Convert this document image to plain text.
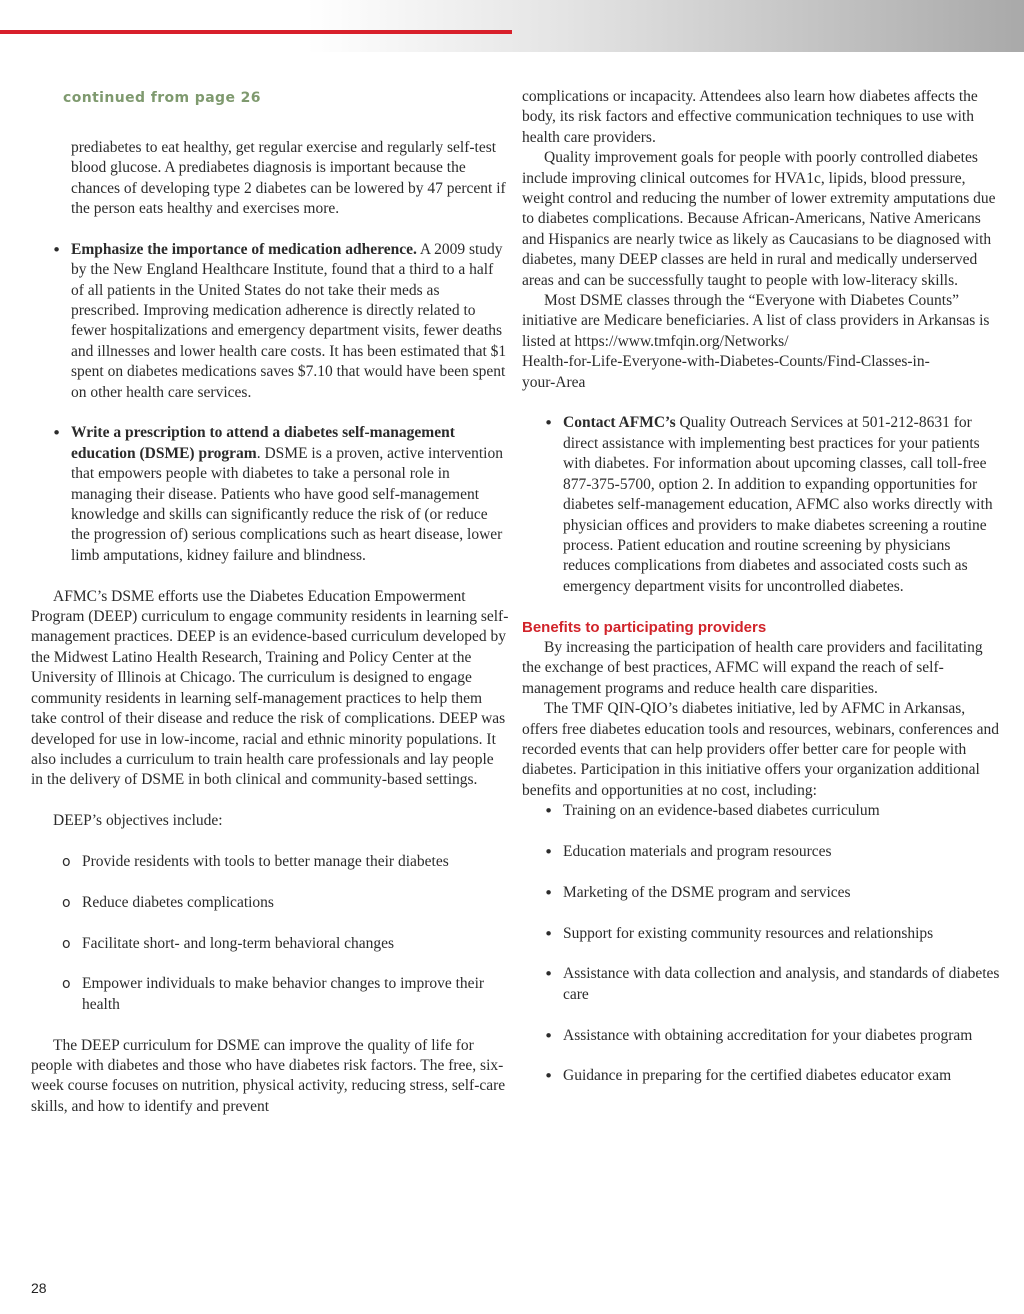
continued from page 26

prediabetes to eat healthy, get regular exercise and regularly self-test blood glucose. A prediabetes diagnosis is important because the chances of developing type 2 diabetes can be lowered by 47 percent if the person eats healthy and exercises more.

• Emphasize the importance of medication adherence. A 2009 study by the New England Healthcare Institute, found that a third to a half of all patients in the United States do not take their meds as prescribed. Improving medication adherence is directly related to fewer hospitalizations and emergency department visits, fewer deaths and illnesses and lower health care costs. It has been estimated that $1 spent on diabetes medications saves $7.10 that would have been spent on other health care services.
• Write a prescription to attend a diabetes self-management education (DSME) program. DSME is a proven, active intervention that empowers people with diabetes to take a personal role in managing their disease. Patients who have good self-management knowledge and skills can significantly reduce the risk of (or reduce the progression of) serious complications such as heart disease, lower limb amputations, kidney failure and blindness.

AFMC’s DSME efforts use the Diabetes Education Empowerment Program (DEEP) curriculum to engage community residents in learning self-management practices. DEEP is an evidence-based curriculum developed by the Midwest Latino Health Research, Training and Policy Center at the University of Illinois at Chicago. The curriculum is designed to engage community residents in learning self-management practices to help them take control of their disease and reduce the risk of complications. DEEP was developed for use in low-income, racial and ethnic minority populations. It also includes a curriculum to train health care professionals and lay people in the delivery of DSME in both clinical and community-based settings.

DEEP’s objectives include:

o Provide residents with tools to better manage their diabetes
o Reduce diabetes complications
o Facilitate short- and long-term behavioral changes
o Empower individuals to make behavior changes to improve their health

The DEEP curriculum for DSME can improve the quality of life for people with diabetes and those who have diabetes risk factors. The free, six-week course focuses on nutrition, physical activity, reducing stress, self-care skills, and how to identify and prevent

complications or incapacity. Attendees also learn how diabetes affects the body, its risk factors and effective communication techniques to use with health care providers.

Quality improvement goals for people with poorly controlled diabetes include improving clinical outcomes for HVA1c, lipids, blood pressure, weight control and reducing the number of lower extremity amputations due to diabetes complications. Because African-Americans, Native Americans and Hispanics are nearly twice as likely as Caucasians to be diagnosed with diabetes, many DEEP classes are held in rural and medically underserved areas and can be successfully taught to people with low-literacy skills.

Most DSME classes through the “Everyone with Diabetes Counts” initiative are Medicare beneficiaries. A list of class providers in Arkansas is listed at https://www.tmfqin.org/Networks/
Health-for-Life-Everyone-with-Diabetes-Counts/Find-Classes-in-
your-Area

• Contact AFMC’s Quality Outreach Services at 501-212-8631 for direct assistance with implementing best practices for your patients with diabetes. For information about upcoming classes, call toll-free 877-375-5700, option 2. In addition to expanding opportunities for diabetes self-management education, AFMC also works directly with physician offices and providers to make diabetes screening a routine process. Patient education and routine screening by physicians reduces complications from diabetes and associated costs such as emergency department visits for uncontrolled diabetes.

Benefits to participating providers

By increasing the participation of health care providers and facilitating the exchange of best practices, AFMC will expand the reach of self-management programs and reduce health care disparities.

The TMF QIN-QIO’s diabetes initiative, led by AFMC in Arkansas, offers free diabetes education tools and resources, webinars, conferences and recorded events that can help providers offer better care for people with diabetes. Participation in this initiative offers your organization additional benefits and opportunities at no cost, including:

• Training on an evidence-based diabetes curriculum
• Education materials and program resources
• Marketing of the DSME program and services
• Support for existing community resources and relationships
• Assistance with data collection and analysis, and standards of diabetes care
• Assistance with obtaining accreditation for your diabetes program
• Guidance in preparing for the certified diabetes educator exam
28
